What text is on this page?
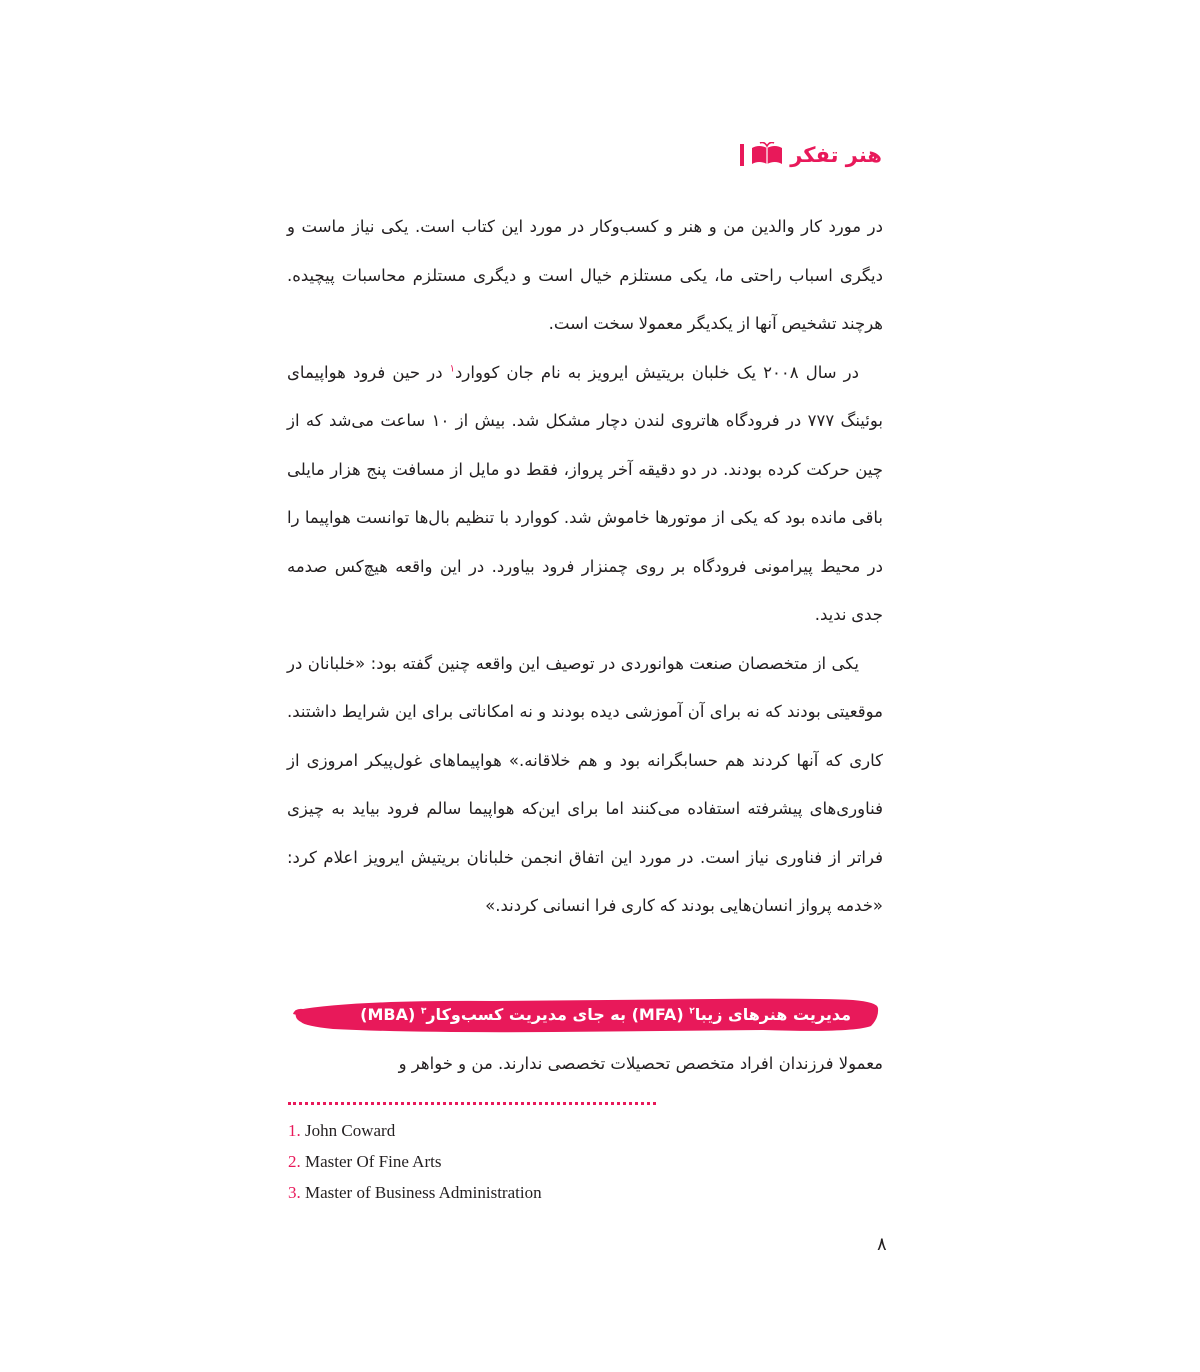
هنر تفکر

در مورد کار والدین من و هنر و کسب‌وکار در مورد این کتاب است. یکی نیاز ماست و دیگری اسباب راحتی ما، یکی مستلزم خیال است و دیگری مستلزم محاسبات پیچیده. هرچند تشخیص آنها از یکدیگر معمولا سخت است.

در سال ۲۰۰۸ یک خلبان بریتیش ایرویز به نام جان کووارد$^۱$ در حین فرود هواپیمای بوئینگ ۷۷۷ در فرودگاه هاتروی لندن دچار مشکل شد. بیش از ۱۰ ساعت می‌شد که از چین حرکت کرده بودند. در دو دقیقه آخر پرواز، فقط دو مایل از مسافت پنج هزار مایلی باقی مانده بود که یکی از موتورها خاموش شد. کووارد با تنظیم بال‌ها توانست هواپیما را در محیط پیرامونی فرودگاه بر روی چمنزار فرود بیاورد. در این واقعه هیچ‌کس صدمه جدی ندید.

یکی از متخصصان صنعت هوانوردی در توصیف این واقعه چنین گفته بود: «خلبانان در موقعیتی بودند که نه برای آن آموزشی دیده بودند و نه امکاناتی برای این شرایط داشتند. کاری که آنها کردند هم حسابگرانه بود و هم خلاقانه.» هواپیماهای غول‌پیکر امروزی از فناوری‌های پیشرفته استفاده می‌کنند اما برای این‌که هواپیما سالم فرود بیاید به چیزی فراتر از فناوری نیاز است. در مورد این اتفاق انجمن خلبانان بریتیش ایرویز اعلام کرد: «خدمه پرواز انسان‌هایی بودند که کاری فرا انسانی کردند.»

مدیریت هنرهای زیبا$^۲$ (MFA) به جای مدیریت کسب‌وکار$^۳$ (MBA)

معمولا فرزندان افراد متخصص تحصیلات تخصصی ندارند. من و خواهر و

1. John Coward
2. Master Of Fine Arts
3. Master of Business Administration
۸
